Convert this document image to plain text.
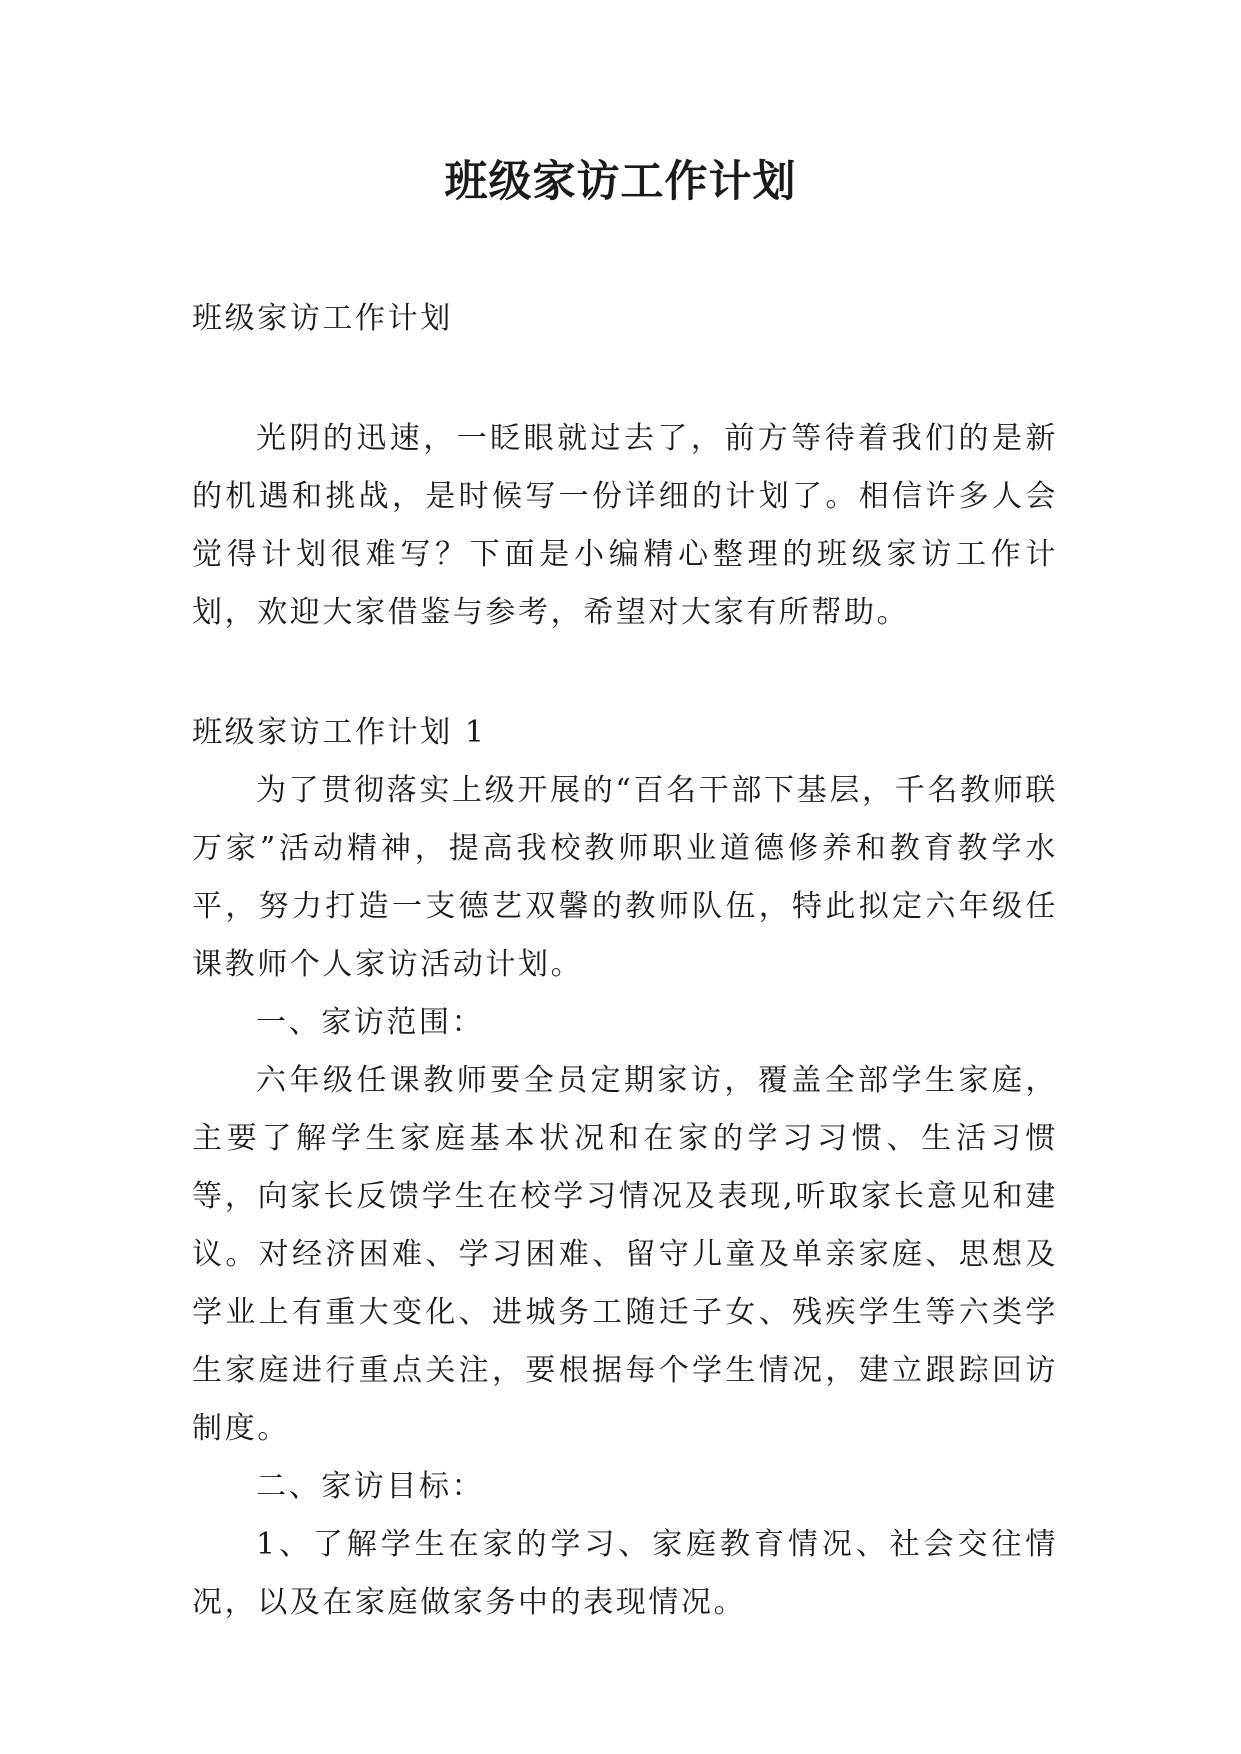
班级家访工作计划

班级家访工作计划

光阴的迅速，一眨眼就过去了，前方等待着我们的是新的机遇和挑战，是时候写一份详细的计划了。相信许多人会觉得计划很难写？下面是小编精心整理的班级家访工作计划，欢迎大家借鉴与参考，希望对大家有所帮助。

班级家访工作计划 1

为了贯彻落实上级开展的“百名干部下基层，千名教师联万家”活动精神，提高我校教师职业道德修养和教育教学水平，努力打造一支德艺双馨的教师队伍，特此拟定六年级任课教师个人家访活动计划。

一、家访范围：

六年级任课教师要全员定期家访，覆盖全部学生家庭，主要了解学生家庭基本状况和在家的学习习惯、生活习惯等，向家长反馈学生在校学习情况及表现,听取家长意见和建议。对经济困难、学习困难、留守儿童及单亲家庭、思想及学业上有重大变化、进城务工随迁子女、残疾学生等六类学生家庭进行重点关注，要根据每个学生情况，建立跟踪回访制度。

二、家访目标：

1、了解学生在家的学习、家庭教育情况、社会交往情况，以及在家庭做家务中的表现情况。
